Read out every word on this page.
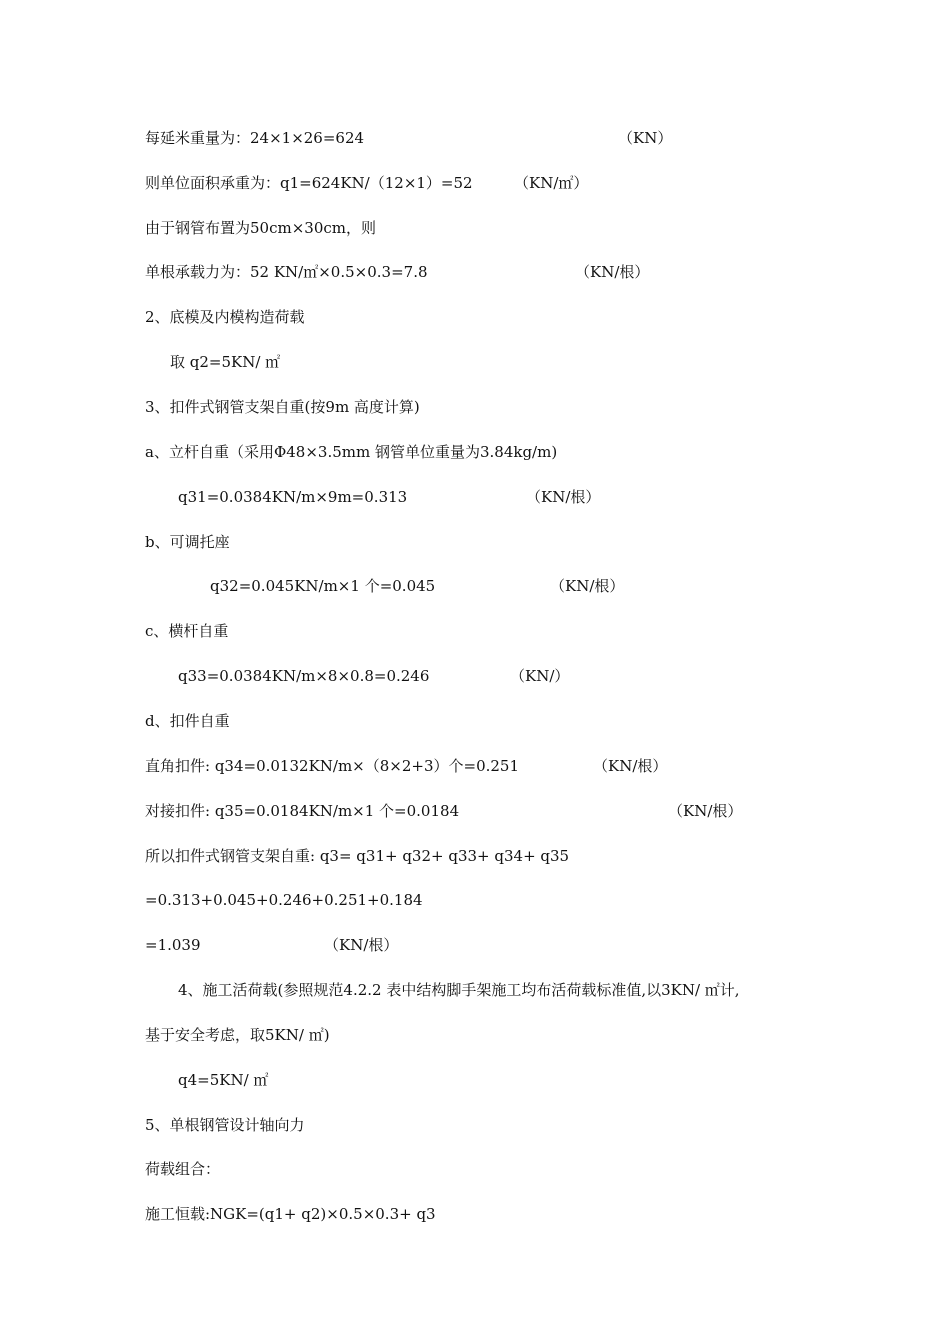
每延米重量为：24×1×26=624	（KN）
则单位面积承重为：q1=624KN/（12×1）=52	（KN/㎡）
由于钢管布置为50cm×30cm，则
单根承载力为：52 KN/㎡×0.5×0.3=7.8	（KN/根）
2、底模及内模构造荷载
取 q2=5KN/ ㎡
3、扣件式钢管支架自重(按9m 高度计算)
a、立杆自重（采用Φ48×3.5mm 钢管单位重量为3.84kg/m)
q31=0.0384KN/m×9m=0.313	（KN/根）
b、可调托座
q32=0.045KN/m×1 个=0.045	（KN/根）
c、横杆自重
q33=0.0384KN/m×8×0.8=0.246	（KN/）
d、扣件自重
直角扣件: q34=0.0132KN/m×（8×2+3）个=0.251	（KN/根）
对接扣件: q35=0.0184KN/m×1 个=0.0184	（KN/根）
所以扣件式钢管支架自重: q3= q31+ q32+ q33+ q34+ q35
=0.313+0.045+0.246+0.251+0.184
=1.039	（KN/根）
4、施工活荷载(参照规范4.2.2 表中结构脚手架施工均布活荷载标准值,以3KN/ ㎡计,
基于安全考虑，取5KN/ ㎡)
q4=5KN/ ㎡
5、单根钢管设计轴向力
荷载组合：
施工恒载:NGK=(q1+ q2)×0.5×0.3+ q3
